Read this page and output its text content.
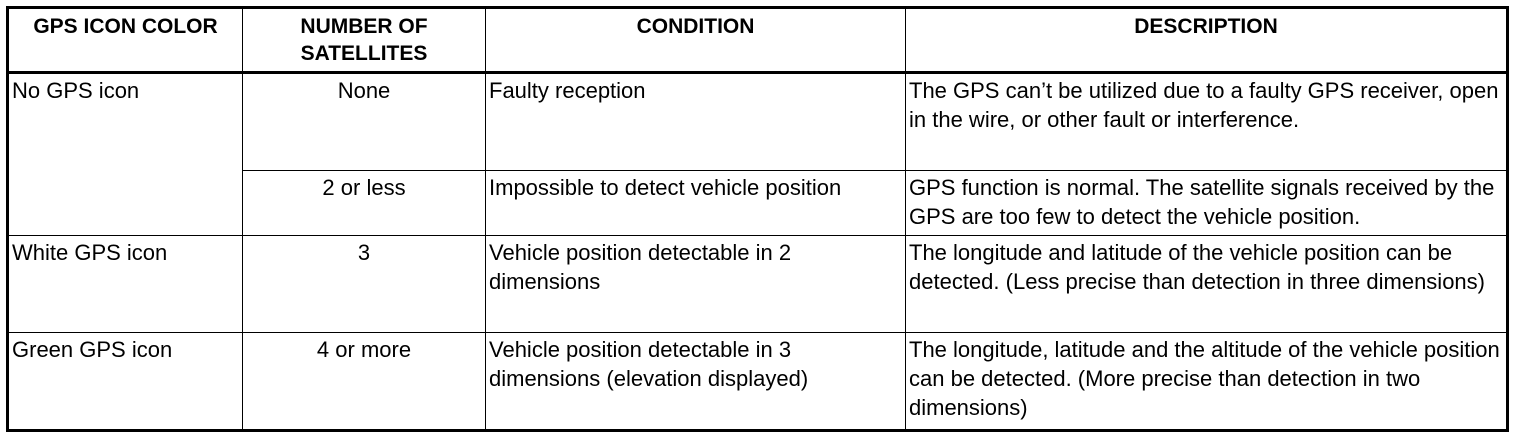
GPS ICON COLOR	NUMBER OF SATELLITES	CONDITION	DESCRIPTION
No GPS icon	None	Faulty reception	The GPS can’t be utilized due to a faulty GPS receiver, open in the wire, or other fault or interference.
	2 or less	Impossible to detect vehicle position	GPS function is normal. The satellite signals received by the GPS are too few to detect the vehicle position.
White GPS icon	3	Vehicle position detectable in 2 dimensions	The longitude and latitude of the vehicle position can be detected. (Less precise than detection in three dimensions)
Green GPS icon	4 or more	Vehicle position detectable in 3 dimensions (elevation displayed)	The longitude, latitude and the altitude of the vehicle position can be detected. (More precise than detection in two dimensions)
